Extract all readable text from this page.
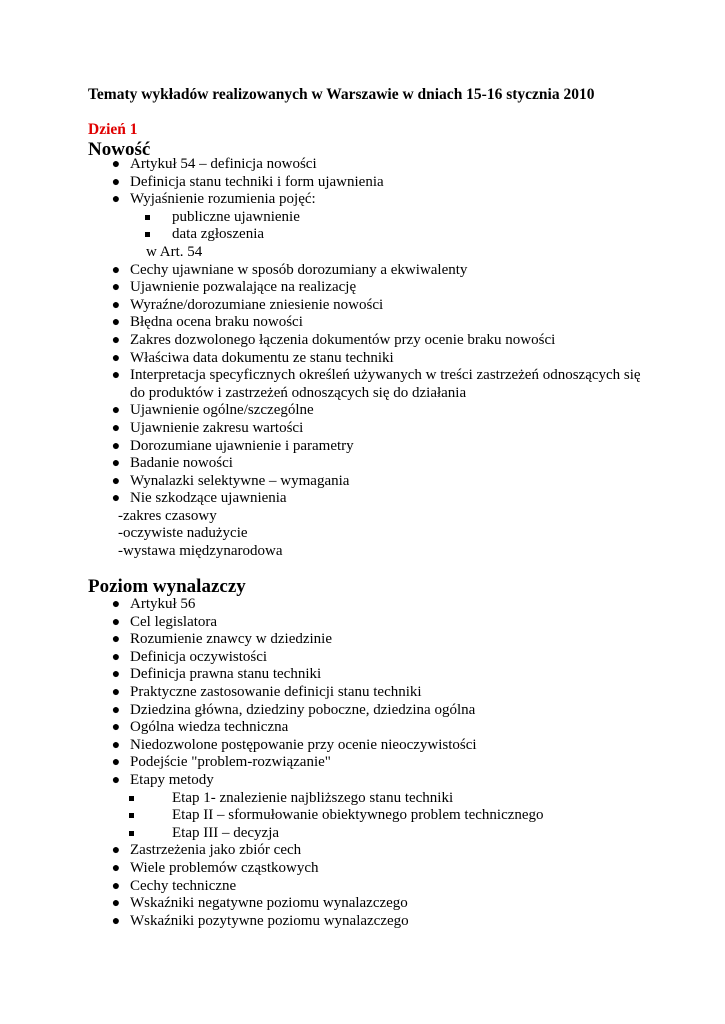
Tematy wykładów realizowanych w Warszawie w dniach 15-16 stycznia 2010
Dzień 1
Nowość
● Artykuł 54 – definicja nowości
● Definicja stanu techniki i form ujawnienia
● Wyjaśnienie rozumienia pojęć:
publiczne ujawnienie
data zgłoszenia
w Art. 54
● Cechy ujawniane w sposób dorozumiany a ekwiwalenty
● Ujawnienie pozwalające na realizację
● Wyraźne/dorozumiane zniesienie nowości
● Błędna ocena braku nowości
● Zakres dozwolonego łączenia dokumentów przy ocenie braku nowości
● Właściwa data dokumentu ze stanu techniki
● Interpretacja specyficznych określeń używanych w treści zastrzeżeń odnoszących się
do produktów i zastrzeżeń odnoszących się do działania
● Ujawnienie ogólne/szczególne
● Ujawnienie zakresu wartości
● Dorozumiane ujawnienie i parametry
● Badanie nowości
● Wynalazki selektywne – wymagania
● Nie szkodzące ujawnienia
-zakres czasowy
-oczywiste nadużycie
-wystawa międzynarodowa
Poziom wynalazczy
● Artykuł 56
● Cel legislatora
● Rozumienie znawcy w dziedzinie
● Definicja oczywistości
● Definicja prawna stanu techniki
● Praktyczne zastosowanie definicji stanu techniki
● Dziedzina główna, dziedziny poboczne, dziedzina ogólna
● Ogólna wiedza techniczna
● Niedozwolone postępowanie przy ocenie nieoczywistości
● Podejście "problem-rozwiązanie"
● Etapy metody
Etap 1- znalezienie najbliższego stanu techniki
Etap II – sformułowanie obiektywnego problem technicznego
Etap III – decyzja
● Zastrzeżenia jako zbiór cech
● Wiele problemów cząstkowych
● Cechy techniczne
● Wskaźniki negatywne poziomu wynalazczego
● Wskaźniki pozytywne poziomu wynalazczego
